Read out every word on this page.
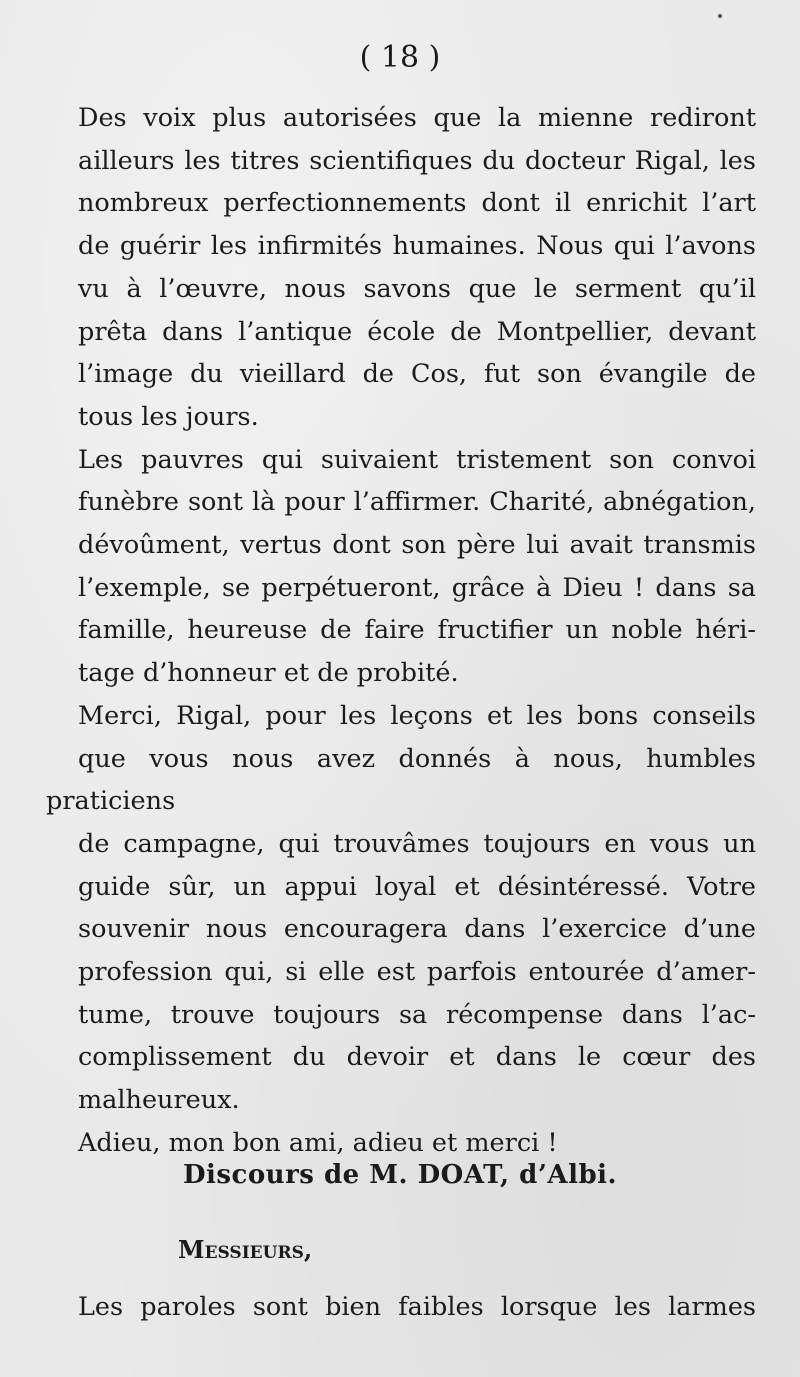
( 18 )

Des voix plus autorisées que la mienne rediront
ailleurs les titres scientifiques du docteur Rigal, les
nombreux perfectionnements dont il enrichit l’art
de guérir les infirmités humaines. Nous qui l’avons
vu à l’œuvre, nous savons que le serment qu’il
prêta dans l’antique école de Montpellier, devant
l’image du vieillard de Cos, fut son évangile de
tous les jours.

Les pauvres qui suivaient tristement son convoi
funèbre sont là pour l’affirmer. Charité, abnégation,
dévoûment, vertus dont son père lui avait transmis
l’exemple, se perpétueront, grâce à Dieu ! dans sa
famille, heureuse de faire fructifier un noble héri-
tage d’honneur et de probité.

Merci, Rigal, pour les leçons et les bons conseils
que vous nous avez donnés à nous, humbles praticiens
de campagne, qui trouvâmes toujours en vous un
guide sûr, un appui loyal et désintéressé. Votre
souvenir nous encouragera dans l’exercice d’une
profession qui, si elle est parfois entourée d’amer-
tume, trouve toujours sa récompense dans l’ac-
complissement du devoir et dans le cœur des
malheureux.

Adieu, mon bon ami, adieu et merci !

Discours de M. DOAT, d’Albi.
Messieurs,
Les paroles sont bien faibles lorsque les larmes
